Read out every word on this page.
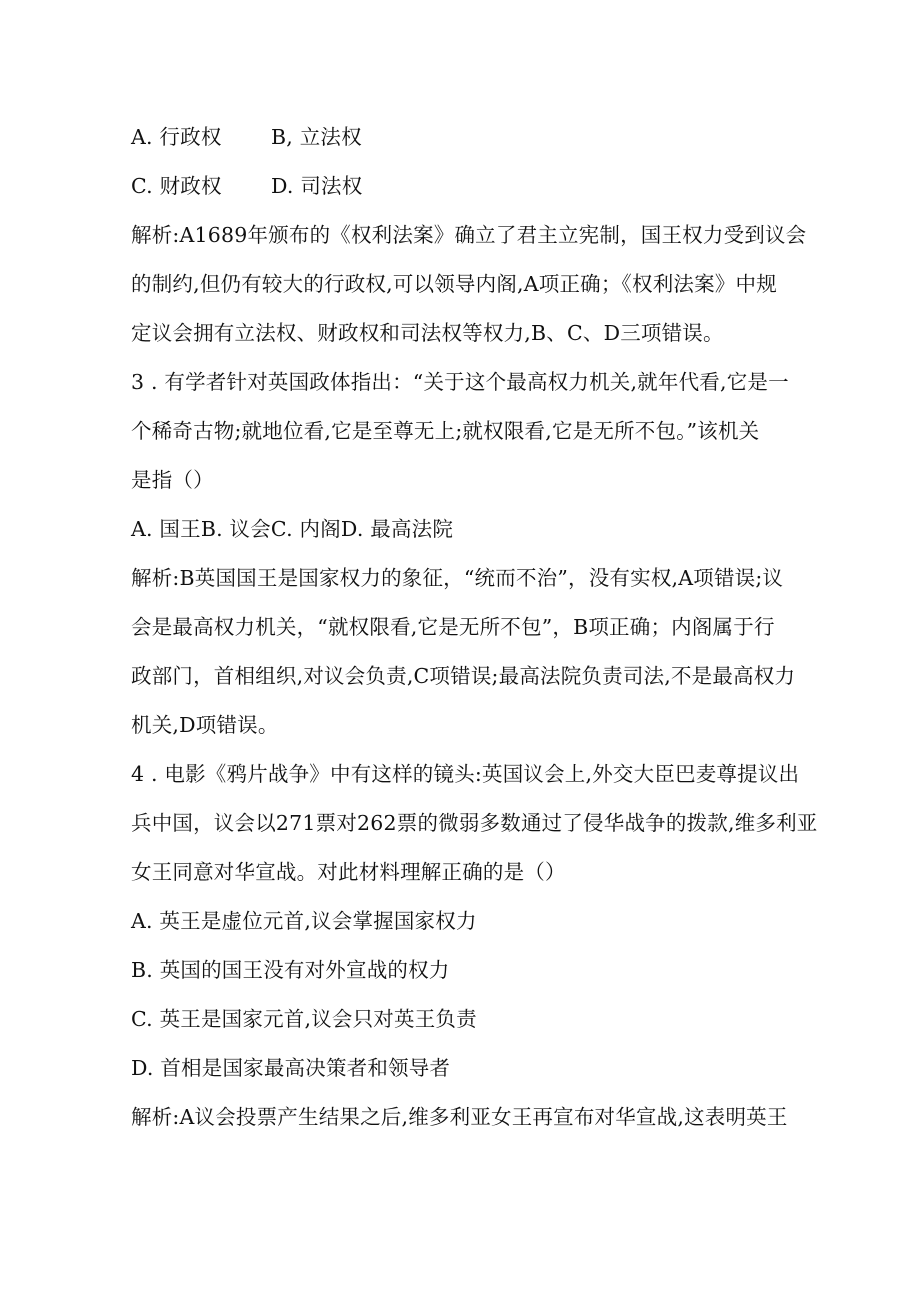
A. 行政权 B, 立法权
C. 财政权 D. 司法权
解析:A1689年颁布的《权利法案》确立了君主立宪制，国王权力受到议会
的制约,但仍有较大的行政权,可以领导内阁,A项正确；《权利法案》中规
定议会拥有立法权、财政权和司法权等权力,B、C、D三项错误。
3 . 有学者针对英国政体指出：“关于这个最高权力机关,就年代看,它是一
个稀奇古物;就地位看,它是至尊无上;就权限看,它是无所不包。”该机关
是指（）
A. 国王B. 议会C. 内阁D. 最高法院
解析:B英国国王是国家权力的象征，“统而不治”，没有实权,A项错误;议
会是最高权力机关，“就权限看,它是无所不包”，B项正确；内阁属于行
政部门，首相组织,对议会负责,C项错误;最高法院负责司法,不是最高权力
机关,D项错误。
4 . 电影《鸦片战争》中有这样的镜头:英国议会上,外交大臣巴麦尊提议出
兵中国，议会以271票对262票的微弱多数通过了侵华战争的拨款,维多利亚
女王同意对华宣战。对此材料理解正确的是（）
A. 英王是虚位元首,议会掌握国家权力
B. 英国的国王没有对外宣战的权力
C. 英王是国家元首,议会只对英王负责
D. 首相是国家最高决策者和领导者
解析:A议会投票产生结果之后,维多利亚女王再宣布对华宣战,这表明英王
